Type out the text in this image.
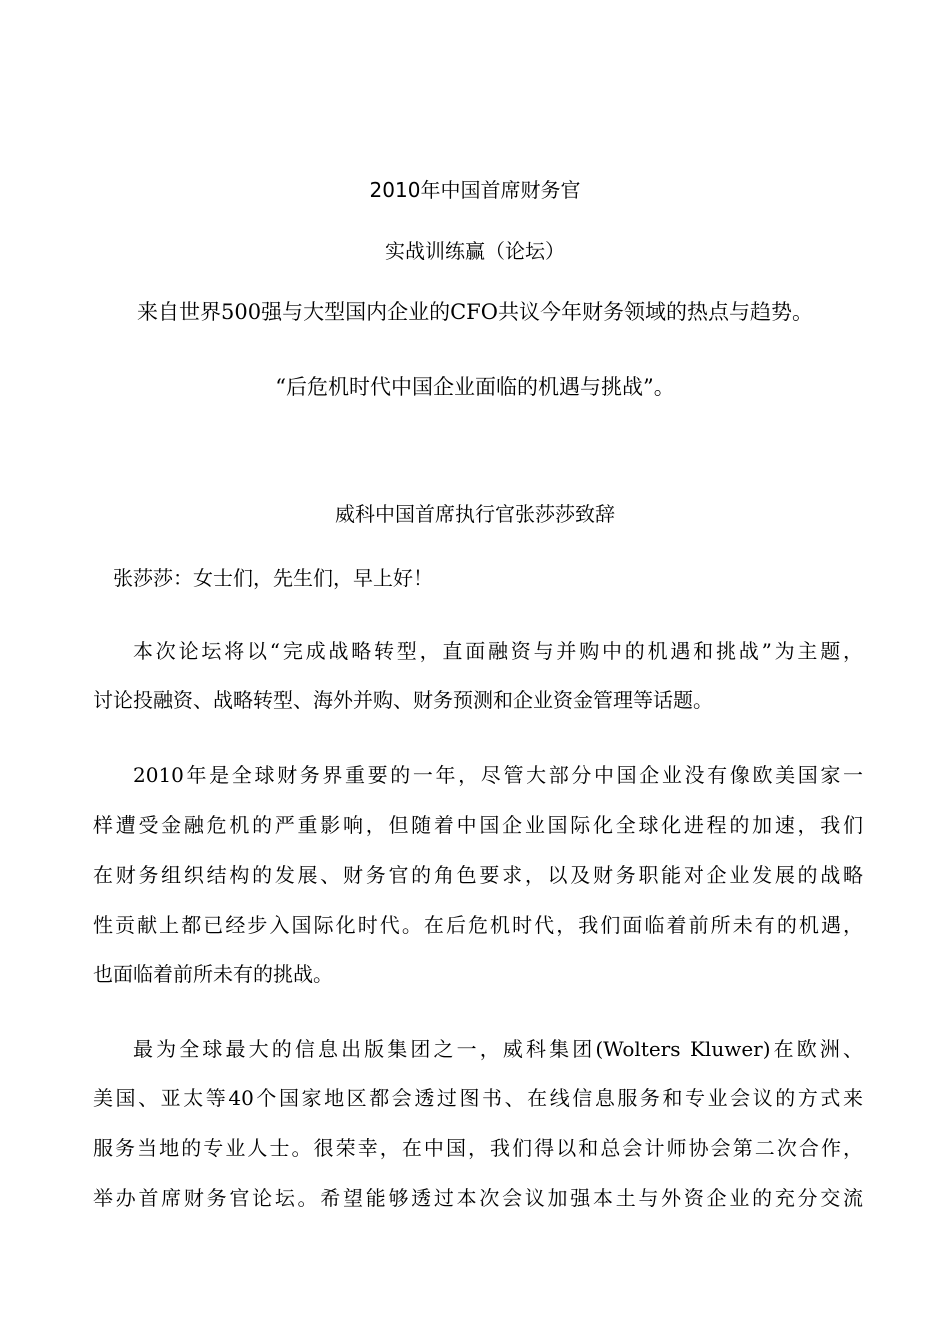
2010年中国首席财务官
实战训练赢（论坛）
来自世界500强与大型国内企业的CFO共议今年财务领域的热点与趋势。
“后危机时代中国企业面临的机遇与挑战”。
威科中国首席执行官张莎莎致辞
张莎莎：女士们，先生们，早上好！
本次论坛将以“完成战略转型，直面融资与并购中的机遇和挑战”为主题，
讨论投融资、战略转型、海外并购、财务预测和企业资金管理等话题。
2010年是全球财务界重要的一年，尽管大部分中国企业没有像欧美国家一
样遭受金融危机的严重影响，但随着中国企业国际化全球化进程的加速，我们
在财务组织结构的发展、财务官的角色要求，以及财务职能对企业发展的战略
性贡献上都已经步入国际化时代。在后危机时代，我们面临着前所未有的机遇，
也面临着前所未有的挑战。
最为全球最大的信息出版集团之一，威科集团(Wolters Kluwer)在欧洲、
美国、亚太等40个国家地区都会透过图书、在线信息服务和专业会议的方式来
服务当地的专业人士。很荣幸，在中国，我们得以和总会计师协会第二次合作，
举办首席财务官论坛。希望能够透过本次会议加强本土与外资企业的充分交流
